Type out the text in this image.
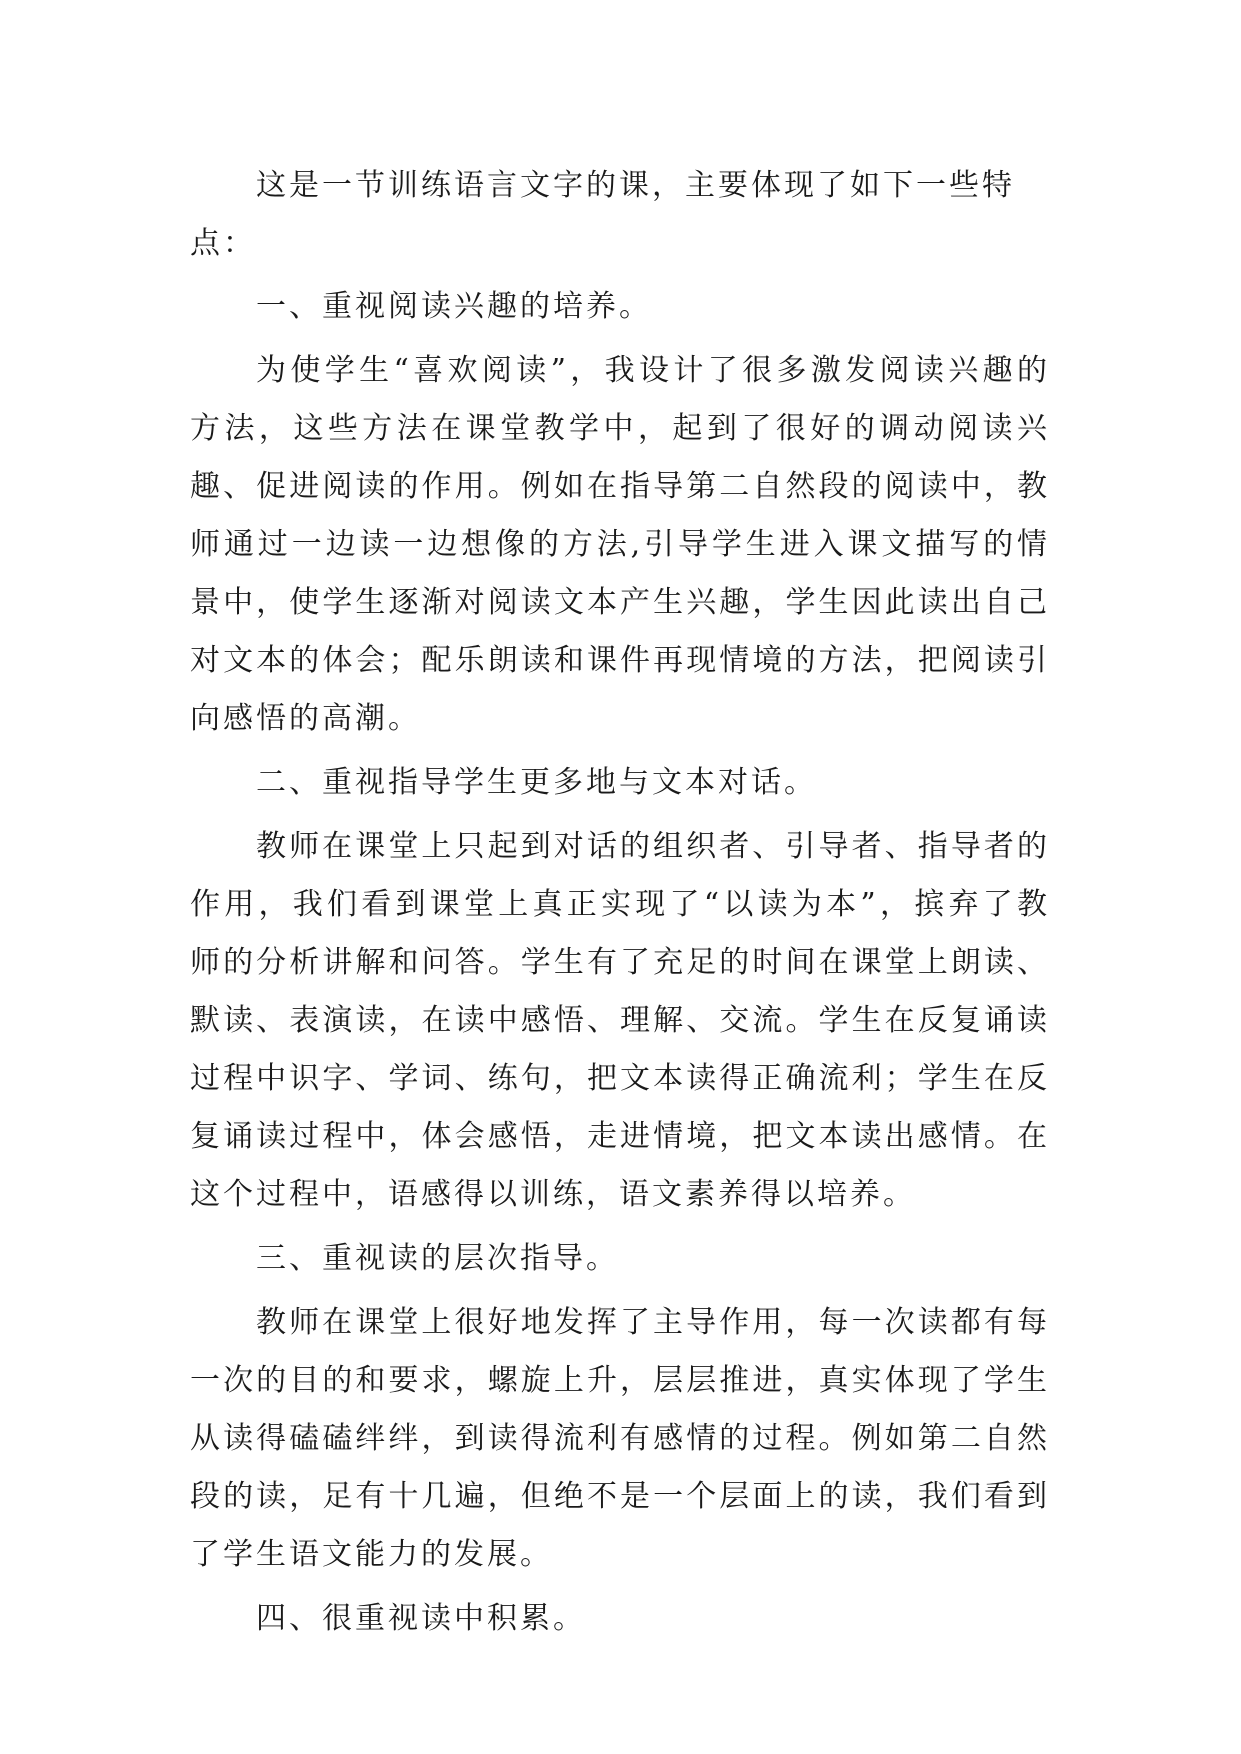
这是一节训练语言文字的课，主要体现了如下一些特点：

一、重视阅读兴趣的培养。

为使学生“喜欢阅读”，我设计了很多激发阅读兴趣的方法，这些方法在课堂教学中，起到了很好的调动阅读兴趣、促进阅读的作用。例如在指导第二自然段的阅读中，教师通过一边读一边想像的方法,引导学生进入课文描写的情景中，使学生逐渐对阅读文本产生兴趣，学生因此读出自己对文本的体会；配乐朗读和课件再现情境的方法，把阅读引向感悟的高潮。

二、重视指导学生更多地与文本对话。

教师在课堂上只起到对话的组织者、引导者、指导者的作用，我们看到课堂上真正实现了“以读为本”，摈弃了教师的分析讲解和问答。学生有了充足的时间在课堂上朗读、默读、表演读，在读中感悟、理解、交流。学生在反复诵读过程中识字、学词、练句，把文本读得正确流利；学生在反复诵读过程中，体会感悟，走进情境，把文本读出感情。在这个过程中，语感得以训练，语文素养得以培养。

三、重视读的层次指导。

教师在课堂上很好地发挥了主导作用，每一次读都有每一次的目的和要求，螺旋上升，层层推进，真实体现了学生从读得磕磕绊绊，到读得流利有感情的过程。例如第二自然段的读，足有十几遍，但绝不是一个层面上的读，我们看到了学生语文能力的发展。

四、很重视读中积累。
